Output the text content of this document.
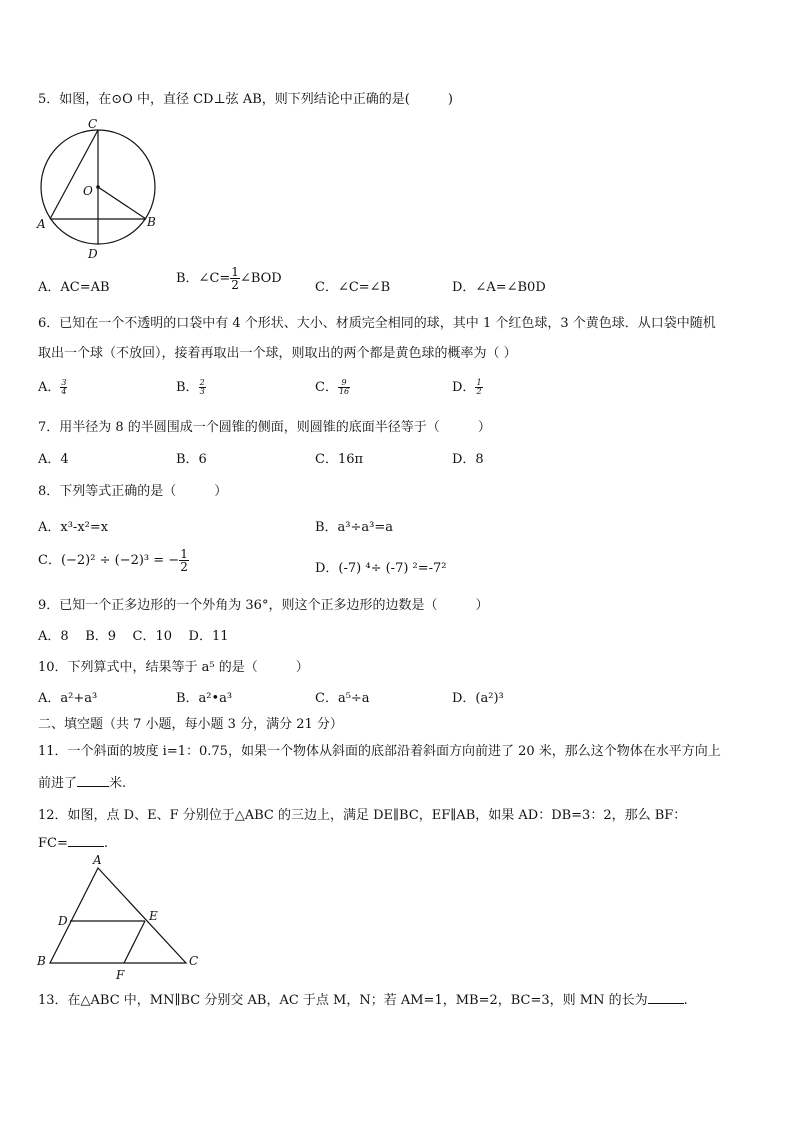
5．如图，在⊙O 中，直径 CD⊥弦 AB，则下列结论中正确的是(	)
C
O
A	B
D
A．AC=AB
B．∠C= $\frac{1}{2}$ ∠BOD
C．∠C=∠B	D．∠A=∠B0D
6．已知在一个不透明的口袋中有 4 个形状、大小、材质完全相同的球，其中 1 个红色球，3 个黄色球．从口袋中随机
取出一个球（不放回），接着再取出一个球，则取出的两个都是黄色球的概率为（ ）
A． $\frac{3}{4}$	B． $\frac{2}{3}$	C． $\frac{9}{16}$	D． $\frac{1}{2}$
7．用半径为 8 的半圆围成一个圆锥的侧面，则圆锥的底面半径等于（	）
A．4	B．6	C．16π	D．8
8．下列等式正确的是（	）
A．x³-x²=x	B．a³÷a³=a
C．(−2)² ÷ (−2)³ = − $\frac{1}{2}$	D．(-7) ⁴÷ (-7) ²=-7²
9．已知一个正多边形的一个外角为 36°，则这个正多边形的边数是（	）
A．8    B．9    C．10    D．11
10．下列算式中，结果等于 a⁵ 的是（	）
A．a²+a³	B．a²•a³	C．a⁵÷a	D．(a²)³
二、填空题（共 7 小题，每小题 3 分，满分 21 分）
11．一个斜面的坡度 i=1：0.75，如果一个物体从斜面的底部沿着斜面方向前进了 20 米，那么这个物体在水平方向上
前进了 米.
12．如图，点 D、E、F 分别位于△ABC 的三边上，满足 DE∥BC，EF∥AB，如果 AD：DB=3：2，那么 BF：
FC=	.
A
D	E
B
F
C
13．在△ABC 中，MN∥BC 分别交 AB，AC 于点 M，N；若 AM=1，MB=2，BC=3，则 MN 的长为	.
